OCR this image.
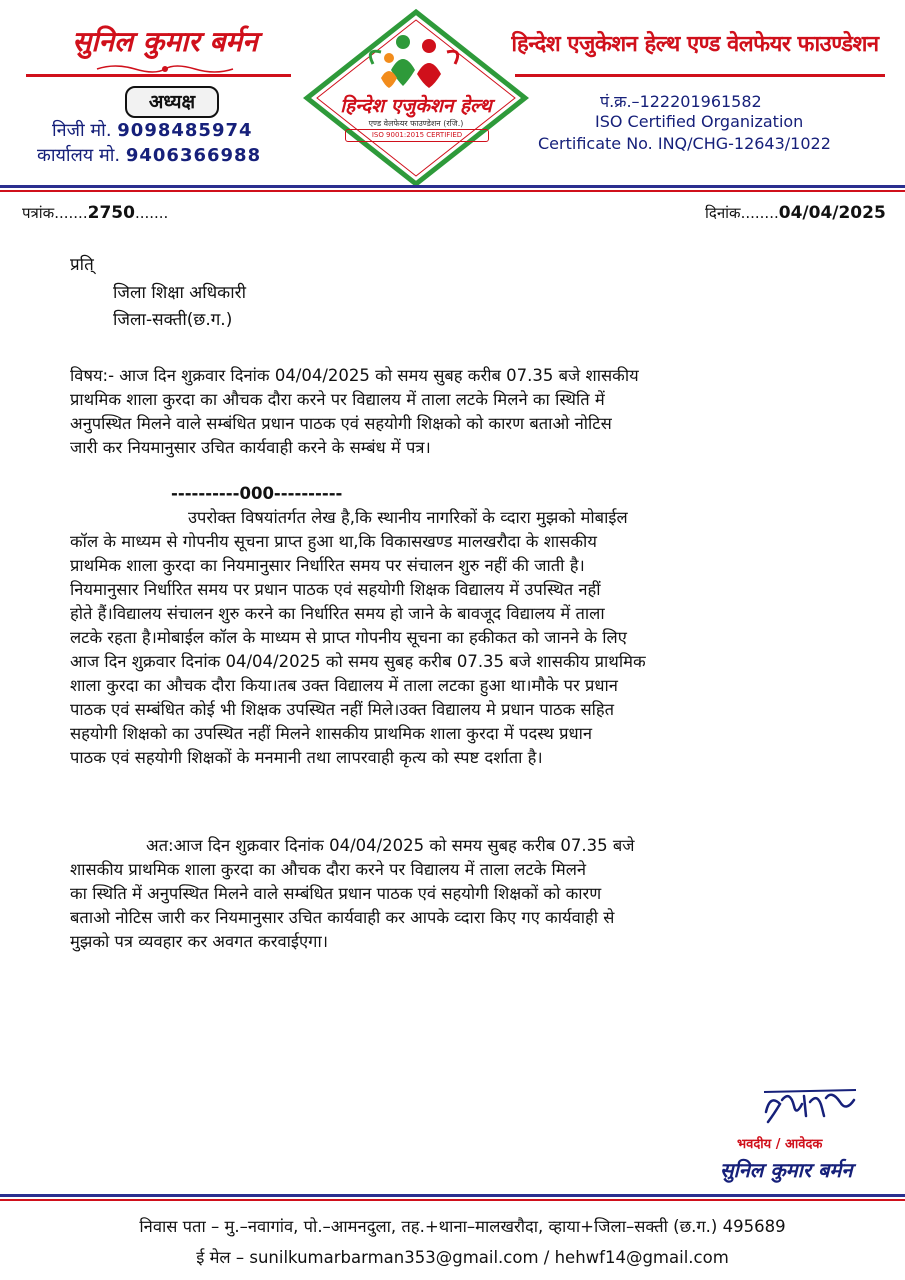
सुनिल कुमार बर्मन
अध्यक्ष
निजी मो. 9098485974
कार्यालय मो. 9406366988
हिन्देश एजुकेशन हेल्थ
एण्ड वेलफेयर फाउण्डेशन (रजि.)
ISO 9001:2015 CERTIFIED
हिन्देश एजुकेशन हेल्थ एण्ड वेलफेयर फाउण्डेशन
पं.क्र.–122201961582
ISO Certified Organization
Certificate No. INQ/CHG-12643/1022
पत्रांक.......2750.......	दिनांक........04/04/2025
प्रति्
जिला शिक्षा अधिकारी
जिला-सक्ती(छ.ग.)
विषय:- आज दिन शुक्रवार दिनांक 04/04/2025 को समय सुबह करीब 07.35 बजे शासकीय
प्राथमिक शाला कुरदा का औचक दौरा करने पर विद्यालय में ताला लटके मिलने का स्थिति में
अनुपस्थित मिलने वाले सम्बंधित प्रधान पाठक एवं सहयोगी शिक्षको को कारण बताओ नोटिस
जारी कर नियमानुसार उचित कार्यवाही करने के सम्बंध में पत्र।
----------000----------
उपरोक्त विषयांतर्गत लेख है,कि स्थानीय नागरिकों के व्दारा मुझको मोबाईल
कॉल के माध्यम से गोपनीय सूचना प्राप्त हुआ था,कि विकासखण्ड मालखरौदा के शासकीय
प्राथमिक शाला कुरदा का नियमानुसार निर्धारित समय पर संचालन शुरु नहीं की जाती है।
नियमानुसार निर्धारित समय पर प्रधान पाठक एवं सहयोगी शिक्षक विद्यालय में उपस्थित नहीं
होते हैं।विद्यालय संचालन शुरु करने का निर्धारित समय हो जाने के बावजूद विद्यालय में ताला
लटके रहता है।मोबाईल कॉल के माध्यम से प्राप्त गोपनीय सूचना का हकीकत को जानने के लिए
आज दिन शुक्रवार दिनांक 04/04/2025 को समय सुबह करीब 07.35 बजे शासकीय प्राथमिक
शाला कुरदा का औचक दौरा किया।तब उक्त विद्यालय में ताला लटका हुआ था।मौके पर प्रधान
पाठक एवं सम्बंधित कोई भी शिक्षक उपस्थित नहीं मिले।उक्त विद्यालय मे प्रधान पाठक सहित
सहयोगी शिक्षको का उपस्थित नहीं मिलने शासकीय प्राथमिक शाला कुरदा में पदस्थ प्रधान
पाठक एवं सहयोगी शिक्षकों के मनमानी तथा लापरवाही कृत्य को स्पष्ट दर्शाता है।
अत:आज दिन शुक्रवार दिनांक 04/04/2025 को समय सुबह करीब 07.35 बजे
शासकीय प्राथमिक शाला कुरदा का औचक दौरा करने पर विद्यालय में ताला लटके मिलने
का स्थिति में अनुपस्थित मिलने वाले सम्बंधित प्रधान पाठक एवं सहयोगी शिक्षकों को कारण
बताओ नोटिस जारी कर नियमानुसार उचित कार्यवाही कर आपके व्दारा किए गए कार्यवाही से
मुझको पत्र व्यवहार कर अवगत करवाईएगा।
भवदीय / आवेदक
सुनिल कुमार बर्मन
निवास पता – मु.–नवागांव, पो.–आमनदुला, तह.+थाना–मालखरौदा, व्हाया+जिला–सक्ती (छ.ग.) 495689
ई मेल – sunilkumarbarman353@gmail.com / hehwf14@gmail.com
